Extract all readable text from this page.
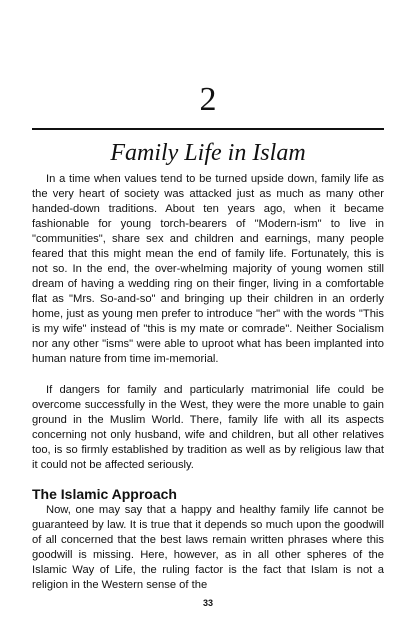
2
Family Life in Islam

In a time when values tend to be turned upside down, family life as the very heart of society was attacked just as much as many other handed-down traditions. About ten years ago, when it became fashionable for young torch-bearers of "Modern-ism" to live in "communities", share sex and children and earnings, many people feared that this might mean the end of family life. Fortunately, this is not so. In the end, the over-whelming majority of young women still dream of having a wedding ring on their finger, living in a comfortable flat as "Mrs. So-and-so" and bringing up their children in an orderly home, just as young men prefer to introduce "her" with the words "This is my wife" instead of "this is my mate or comrade". Neither Socialism nor any other "isms" were able to uproot what has been implanted into human nature from time im-memorial.

If dangers for family and particularly matrimonial life could be overcome successfully in the West, they were the more unable to gain ground in the Muslim World. There, family life with all its aspects concerning not only husband, wife and children, but all other relatives too, is so firmly established by tradition as well as by religious law that it could not be affected seriously.

The Islamic Approach

Now, one may say that a happy and healthy family life cannot be guaranteed by law. It is true that it depends so much upon the goodwill of all concerned that the best laws remain written phrases where this goodwill is missing. Here, however, as in all other spheres of the Islamic Way of Life, the ruling factor is the fact that Islam is not a religion in the Western sense of the

33
